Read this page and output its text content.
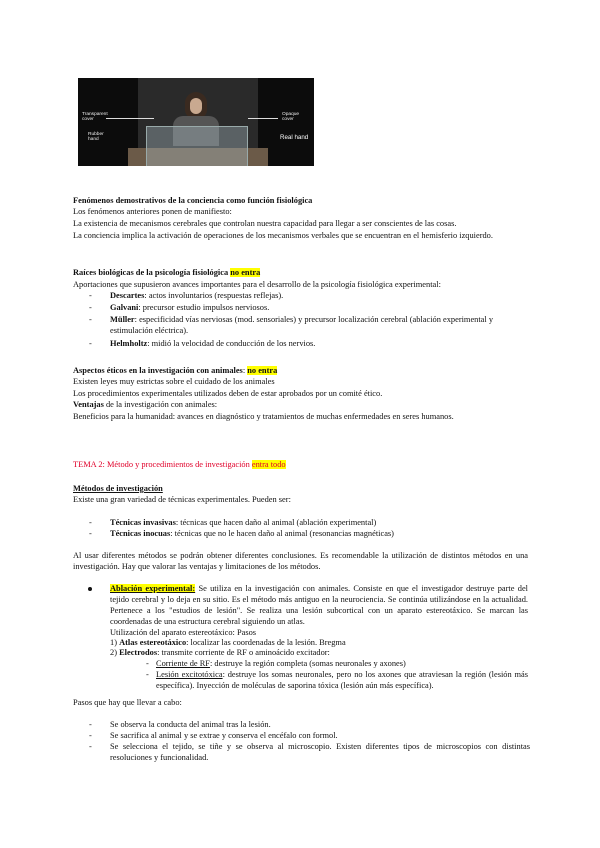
Transparent
cover
Rubber
hand
Opaque
cover
Real hand
Fenómenos demostrativos de la conciencia como función fisiológica
Los fenómenos anteriores ponen de manifiesto:
La existencia de mecanismos cerebrales que controlan nuestra capacidad para llegar a ser conscientes de las cosas.
La conciencia implica la activación de operaciones de los mecanismos verbales que se encuentran en el hemisferio izquierdo.
Raíces biológicas de la psicología fisiológica no entra
Aportaciones que supusieron avances importantes para el desarrollo de la psicología fisiológica experimental:
- Descartes: actos involuntarios (respuestas reflejas).
- Galvani: precursor estudio impulsos nerviosos.
- Müller: especificidad vías nerviosas (mod. sensoriales) y precursor localización cerebral (ablación experimental y estimulación eléctrica).
- Helmholtz: midió la velocidad de conducción de los nervios.
Aspectos éticos en la investigación con animales: no entra
Existen leyes muy estrictas sobre el cuidado de los animales
Los procedimientos experimentales utilizados deben de estar aprobados por un comité ético.
Ventajas de la investigación con animales:
Beneficios para la humanidad: avances en diagnóstico y tratamientos de muchas enfermedades en seres humanos.
TEMA 2: Método y procedimientos de investigación entra todo
Métodos de investigación
Existe una gran variedad de técnicas experimentales. Pueden ser:
- Técnicas invasivas: técnicas que hacen daño al animal (ablación experimental)
- Técnicas inocuas: técnicas que no le hacen daño al animal (resonancias magnéticas)
Al usar diferentes métodos se podrán obtener diferentes conclusiones. Es recomendable la utilización de distintos métodos en una investigación. Hay que valorar las ventajas y limitaciones de los métodos.
Ablación experimental: Se utiliza en la investigación con animales. Consiste en que el investigador destruye parte del tejido cerebral y lo deja en su sitio. Es el método más antiguo en la neurociencia. Se continúa utilizándose en la actualidad. Pertenece a los "estudios de lesión". Se realiza una lesión subcortical con un aparato estereotáxico. Se marcan las coordenadas de una estructura cerebral siguiendo un atlas.
Utilización del aparato estereotáxico: Pasos
1) Atlas estereotáxico: localizar las coordenadas de la lesión. Bregma
2) Electrodos: transmite corriente de RF o aminoácido excitador:
- Corriente de RF: destruye la región completa (somas neuronales y axones)
- Lesión excitotóxica: destruye los somas neuronales, pero no los axones que atraviesan la región (lesión más específica). Inyección de moléculas de saporina tóxica (lesión aún más específica).
Pasos que hay que llevar a cabo:
- Se observa la conducta del animal tras la lesión.
- Se sacrifica al animal y se extrae y conserva el encéfalo con formol.
- Se selecciona el tejido, se tiñe y se observa al microscopio. Existen diferentes tipos de microscopios con distintas resoluciones y funcionalidad.
